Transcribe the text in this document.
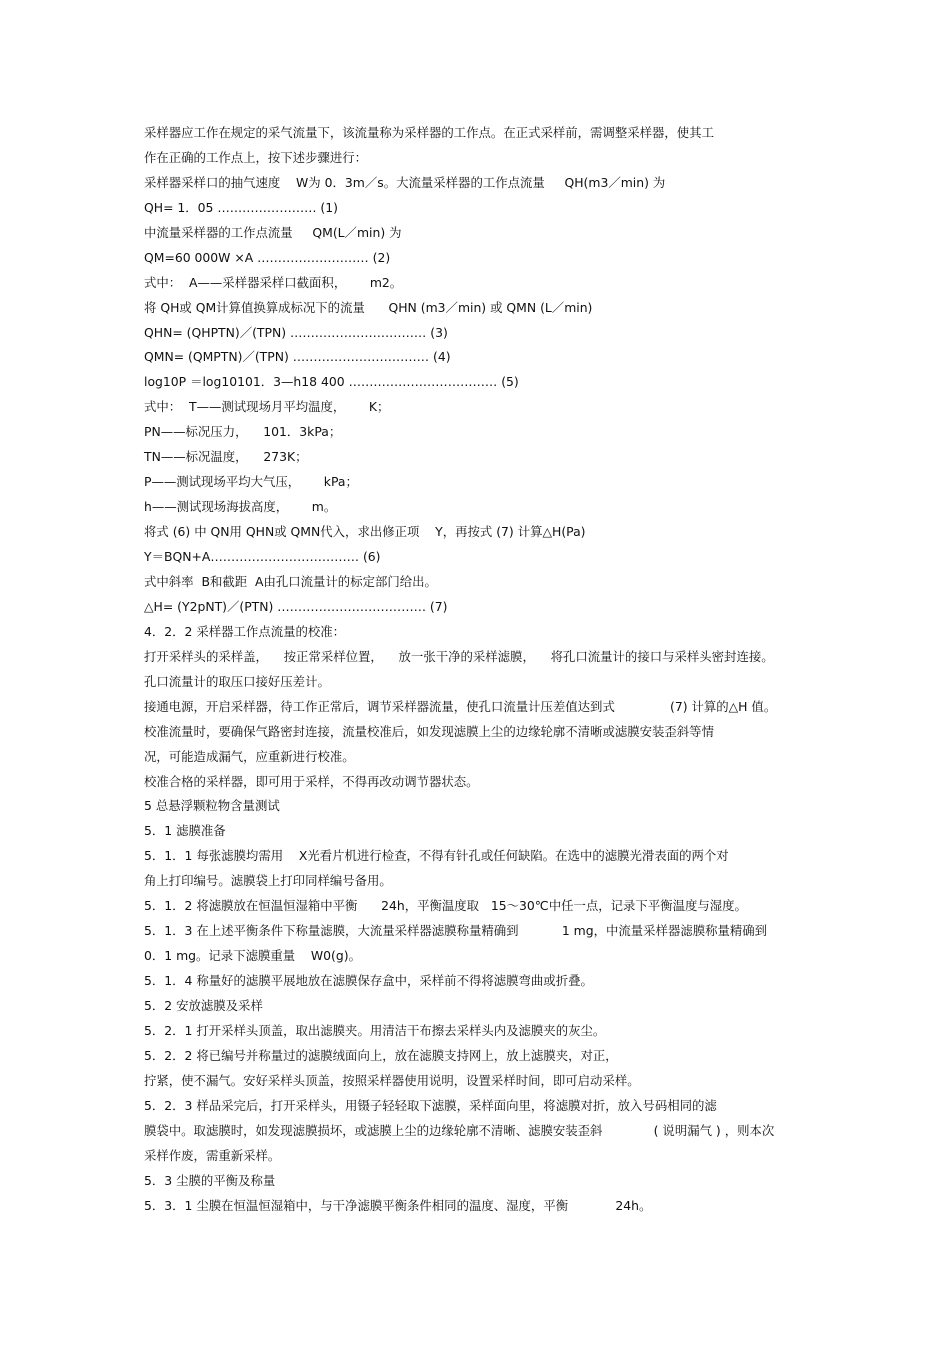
采样器应工作在规定的采气流量下，该流量称为采样器的工作点。在正式采样前，需调整采样器，使其工

作在正确的工作点上，按下述步骤进行：

采样器采样口的抽气速度    W为 0．3m／s。大流量采样器的工作点流量     QH(m3／min) 为

QH= 1．05 …………………… (1)

中流量采样器的工作点流量     QM(L／min) 为

QM=60 000W ×A ……………………… (2)

式中：  A——采样器采样口截面积，      m2。

将 QH或 QM计算值换算成标况下的流量      QHN (m3／min) 或 QMN (L／min)

QHN= (QHPTN)／(TPN) …………………………… (3)

QMN= (QMPTN)／(TPN) …………………………… (4)

log10P ＝log10101．3—h18 400 ……………………………… (5)

式中：  T——测试现场月平均温度，      K；

PN——标况压力，    101．3kPa；

TN——标况温度，    273K；

P——测试现场平均大气压，      kPa；

h——测试现场海拔高度，      m。

将式 (6) 中 QN用 QHN或 QMN代入，求出修正项    Y，再按式 (7) 计算△H(Pa)

Y＝BQN+A……………………………… (6)

式中斜率  B和截距  A由孔口流量计的标定部门给出。

△H= (Y2pNT)／(PTN) ……………………………… (7)

4．2．2 采样器工作点流量的校准：

打开采样头的采样盖，    按正常采样位置，    放一张干净的采样滤膜，    将孔口流量计的接口与采样头密封连接。

孔口流量计的取压口接好压差计。

接通电源，开启采样器，待工作正常后，调节采样器流量，使孔口流量计压差值达到式              (7) 计算的△H 值。

校准流量时，要确保气路密封连接，流量校准后，如发现滤膜上尘的边缘轮廓不清晰或滤膜安装歪斜等情

况，可能造成漏气，应重新进行校准。

校准合格的采样器，即可用于采样，不得再改动调节器状态。

5 总悬浮颗粒物含量测试

5．1 滤膜准备

5．1．1 每张滤膜均需用    X光看片机进行检查，不得有针孔或任何缺陷。在选中的滤膜光滑表面的两个对

角上打印编号。滤膜袋上打印同样编号备用。

5．1．2 将滤膜放在恒温恒湿箱中平衡      24h，平衡温度取   15～30℃中任一点，记录下平衡温度与湿度。

5．1．3 在上述平衡条件下称量滤膜，大流量采样器滤膜称量精确到           1 mg，中流量采样器滤膜称量精确到

0．1 mg。记录下滤膜重量    W0(g)。

5．1．4 称量好的滤膜平展地放在滤膜保存盒中，采样前不得将滤膜弯曲或折叠。

5．2 安放滤膜及采样

5．2．1 打开采样头顶盖，取出滤膜夹。用清洁干布擦去采样头内及滤膜夹的灰尘。

5．2．2 将已编号并称量过的滤膜绒面向上，放在滤膜支持网上，放上滤膜夹，对正，

拧紧，使不漏气。安好采样头顶盖，按照采样器使用说明，设置采样时间，即可启动采样。

5．2．3 样品采完后，打开采样头，用镊子轻轻取下滤膜，采样面向里，将滤膜对折，放入号码相同的滤

膜袋中。取滤膜时，如发现滤膜损坏，或滤膜上尘的边缘轮廓不清晰、滤膜安装歪斜             ( 说明漏气 ) ，则本次

采样作废，需重新采样。

5．3 尘膜的平衡及称量

5．3．1 尘膜在恒温恒湿箱中，与干净滤膜平衡条件相同的温度、湿度，平衡            24h。
